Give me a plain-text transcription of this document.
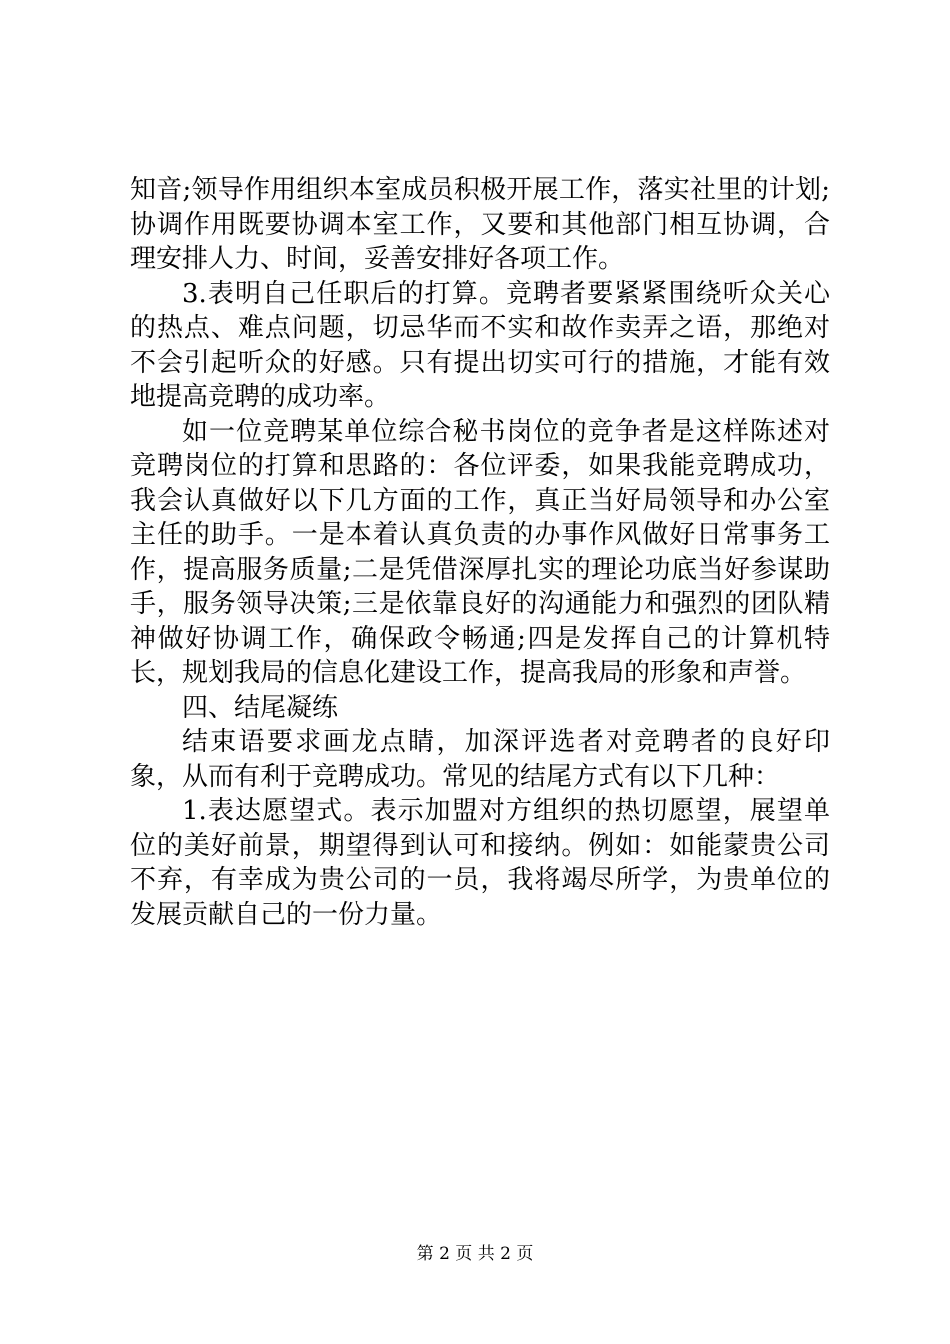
知音;领导作用组织本室成员积极开展工作，落实社里的计划;协调作用既要协调本室工作，又要和其他部门相互协调，合理安排人力、时间，妥善安排好各项工作。

3.表明自己任职后的打算。竞聘者要紧紧围绕听众关心的热点、难点问题，切忌华而不实和故作卖弄之语，那绝对不会引起听众的好感。只有提出切实可行的措施，才能有效地提高竞聘的成功率。

如一位竞聘某单位综合秘书岗位的竞争者是这样陈述对竞聘岗位的打算和思路的：各位评委，如果我能竞聘成功，我会认真做好以下几方面的工作，真正当好局领导和办公室主任的助手。一是本着认真负责的办事作风做好日常事务工作，提高服务质量;二是凭借深厚扎实的理论功底当好参谋助手，服务领导决策;三是依靠良好的沟通能力和强烈的团队精神做好协调工作，确保政令畅通;四是发挥自己的计算机特长，规划我局的信息化建设工作，提高我局的形象和声誉。

四、结尾凝练

结束语要求画龙点睛，加深评选者对竞聘者的良好印象，从而有利于竞聘成功。常见的结尾方式有以下几种：

1.表达愿望式。表示加盟对方组织的热切愿望，展望单位的美好前景，期望得到认可和接纳。例如：如能蒙贵公司不弃，有幸成为贵公司的一员，我将竭尽所学，为贵单位的发展贡献自己的一份力量。

第 2 页 共 2 页
